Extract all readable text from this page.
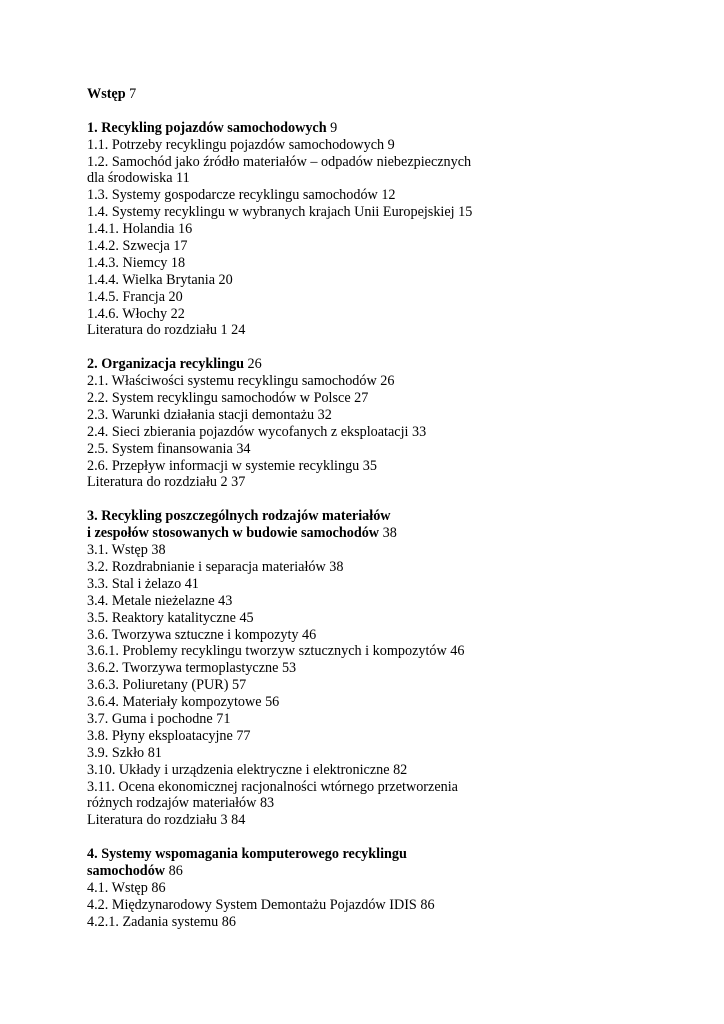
Wstęp 7
1. Recykling pojazdów samochodowych 9
1.1. Potrzeby recyklingu pojazdów samochodowych 9
1.2. Samochód jako źródło materiałów – odpadów niebezpiecznych
dla środowiska 11
1.3. Systemy gospodarcze recyklingu samochodów 12
1.4. Systemy recyklingu w wybranych krajach Unii Europejskiej 15
1.4.1. Holandia 16
1.4.2. Szwecja 17
1.4.3. Niemcy 18
1.4.4. Wielka Brytania 20
1.4.5. Francja 20
1.4.6. Włochy 22
Literatura do rozdziału 1 24
2. Organizacja recyklingu 26
2.1. Właściwości systemu recyklingu samochodów 26
2.2. System recyklingu samochodów w Polsce 27
2.3. Warunki działania stacji demontażu 32
2.4. Sieci zbierania pojazdów wycofanych z eksploatacji 33
2.5. System finansowania 34
2.6. Przepływ informacji w systemie recyklingu 35
Literatura do rozdziału 2 37
3. Recykling poszczególnych rodzajów materiałów
i zespołów stosowanych w budowie samochodów 38
3.1. Wstęp 38
3.2. Rozdrabnianie i separacja materiałów 38
3.3. Stal i żelazo 41
3.4. Metale nieżelazne 43
3.5. Reaktory katalityczne 45
3.6. Tworzywa sztuczne i kompozyty 46
3.6.1. Problemy recyklingu tworzyw sztucznych i kompozytów 46
3.6.2. Tworzywa termoplastyczne 53
3.6.3. Poliuretany (PUR) 57
3.6.4. Materiały kompozytowe 56
3.7. Guma i pochodne 71
3.8. Płyny eksploatacyjne 77
3.9. Szkło 81
3.10. Układy i urządzenia elektryczne i elektroniczne 82
3.11. Ocena ekonomicznej racjonalności wtórnego przetworzenia
różnych rodzajów materiałów 83
Literatura do rozdziału 3 84
4. Systemy wspomagania komputerowego recyklingu
samochodów 86
4.1. Wstęp 86
4.2. Międzynarodowy System Demontażu Pojazdów IDIS 86
4.2.1. Zadania systemu 86
